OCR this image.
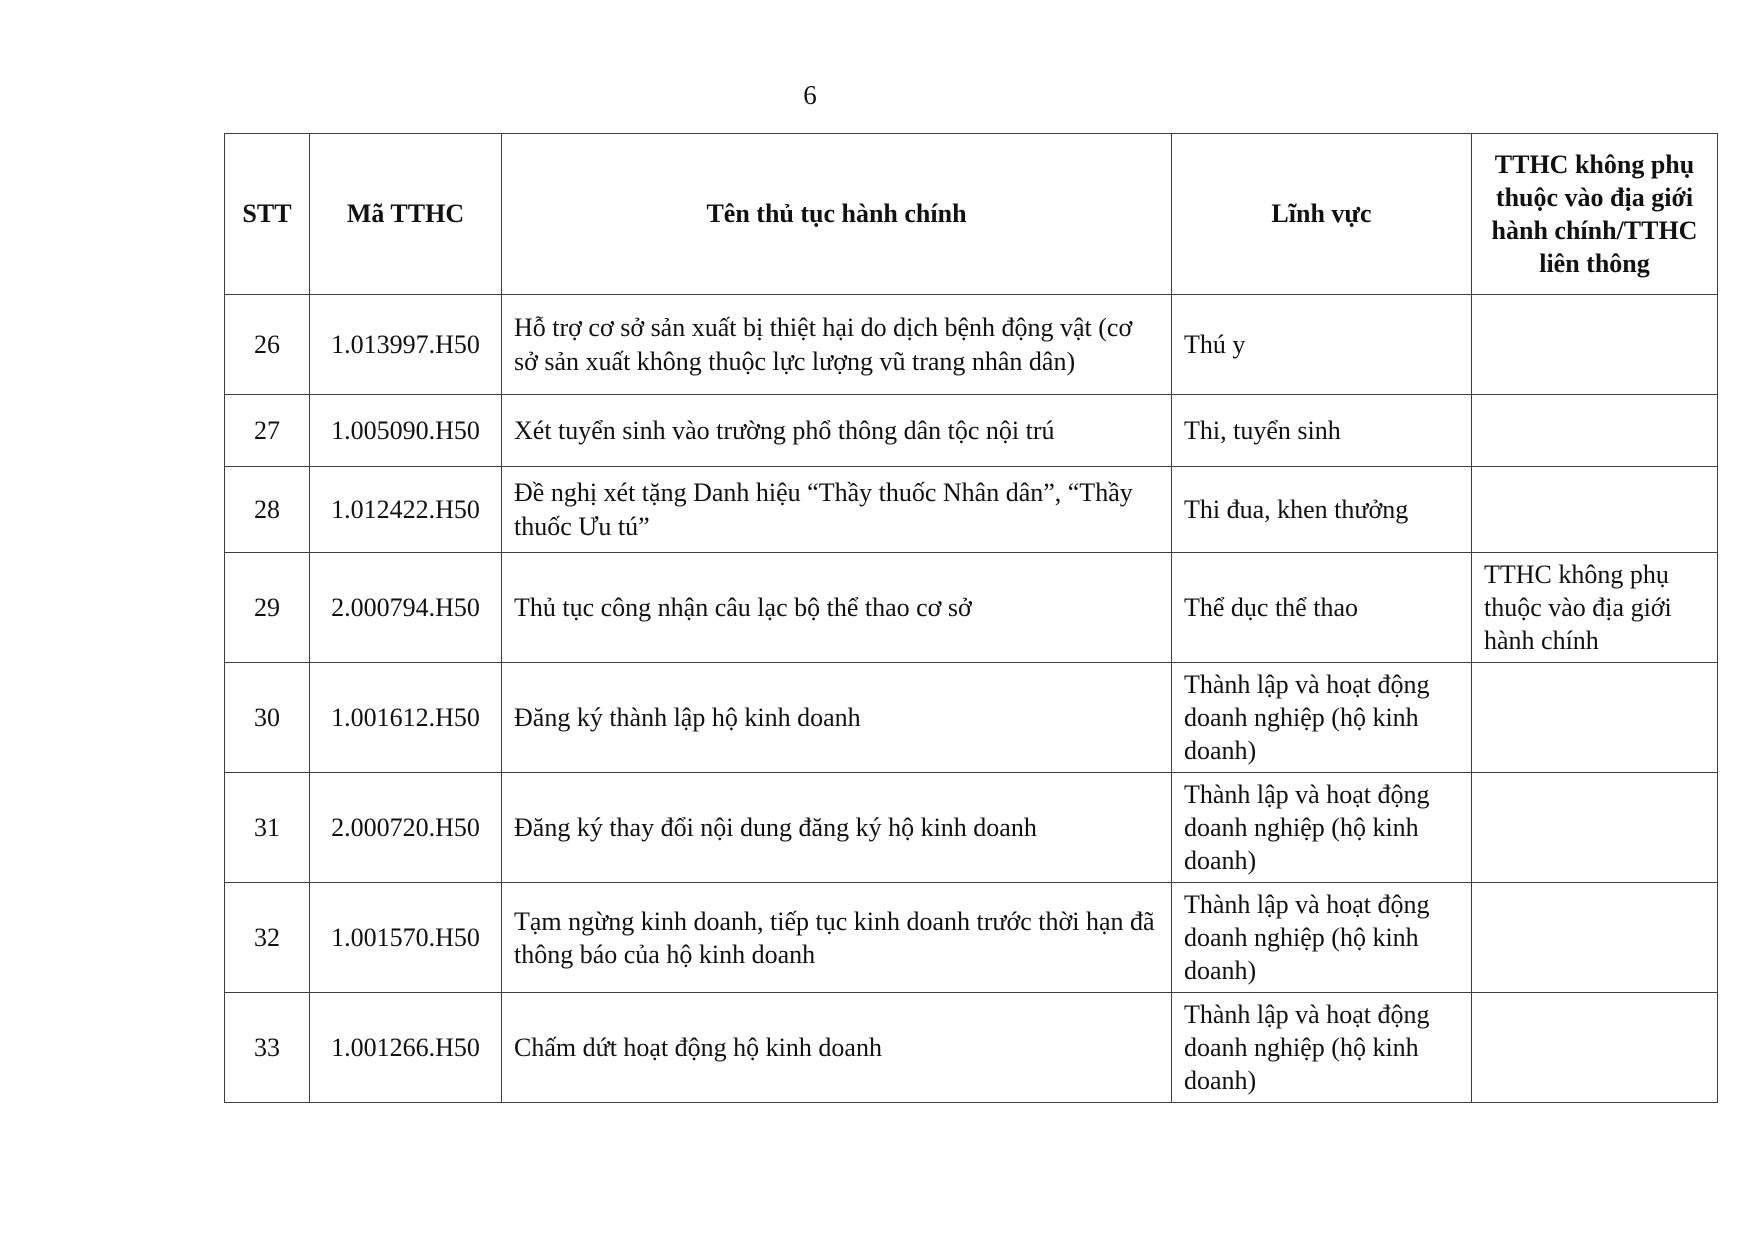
6
STT	Mã TTHC	Tên thủ tục hành chính	Lĩnh vực	TTHC không phụ thuộc vào địa giới hành chính/TTHC liên thông
26	1.013997.H50	Hỗ trợ cơ sở sản xuất bị thiệt hại do dịch bệnh động vật (cơ sở sản xuất không thuộc lực lượng vũ trang nhân dân)	Thú y	
27	1.005090.H50	Xét tuyển sinh vào trường phổ thông dân tộc nội trú	Thi, tuyển sinh	
28	1.012422.H50	Đề nghị xét tặng Danh hiệu “Thầy thuốc Nhân dân”, “Thầy thuốc Ưu tú”	Thi đua, khen thưởng	
29	2.000794.H50	Thủ tục công nhận câu lạc bộ thể thao cơ sở	Thể dục thể thao	TTHC không phụ thuộc vào địa giới hành chính
30	1.001612.H50	Đăng ký thành lập hộ kinh doanh	Thành lập và hoạt động doanh nghiệp (hộ kinh doanh)	
31	2.000720.H50	Đăng ký thay đổi nội dung đăng ký hộ kinh doanh	Thành lập và hoạt động doanh nghiệp (hộ kinh doanh)	
32	1.001570.H50	Tạm ngừng kinh doanh, tiếp tục kinh doanh trước thời hạn đã thông báo của hộ kinh doanh	Thành lập và hoạt động doanh nghiệp (hộ kinh doanh)	
33	1.001266.H50	Chấm dứt hoạt động hộ kinh doanh	Thành lập và hoạt động doanh nghiệp (hộ kinh doanh)	
